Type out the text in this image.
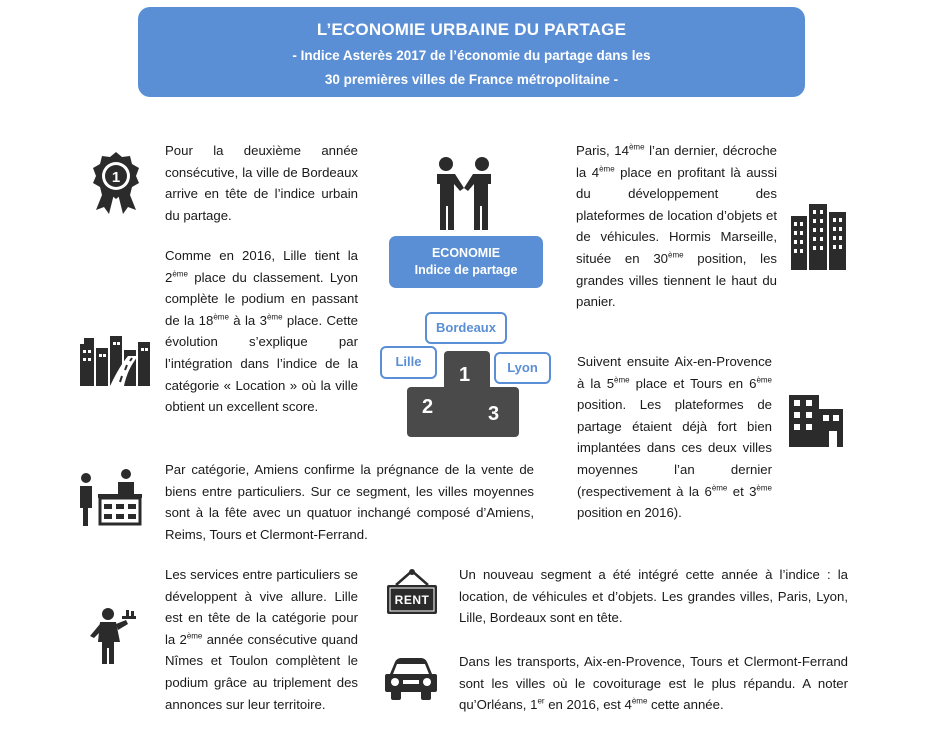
L’ECONOMIE URBAINE DU PARTAGE
- Indice Asterès 2017 de l’économie du partage dans les
30 premières villes de France métropolitaine -
1
ECONOMIE
Indice de partage
1
2	3
Bordeaux
Lille	Lyon
RENT

Pour la deuxième année consécutive, la ville de Bordeaux arrive en tête de l’indice urbain du partage.

Comme en 2016, Lille tient la 2ème place du classement. Lyon complète le podium en passant de la 18ème à la 3ème place. Cette évolution s’explique par l’intégration dans l’indice de la catégorie « Location » où la ville obtient un excellent score.

Paris, 14ème l’an dernier, décroche la 4ème place en profitant là aussi du développement des plateformes de location d’objets et de véhicules. Hormis Marseille, située en 30ème position, les grandes villes tiennent le haut du panier.

Suivent ensuite Aix-en-Provence à la 5ème place et Tours en 6ème position. Les plateformes de partage étaient déjà fort bien implantées dans ces deux villes moyennes l’an dernier (respectivement à la 6ème et 3ème position en 2016).

Par catégorie, Amiens confirme la prégnance de la vente de biens entre particuliers. Sur ce segment, les villes moyennes sont à la fête avec un quatuor inchangé composé d’Amiens, Reims, Tours et Clermont-Ferrand.

Les services entre particuliers se développent à vive allure. Lille est en tête de la catégorie pour la 2ème année consécutive quand Nîmes et Toulon complètent le podium grâce au triplement des annonces sur leur territoire.

Un nouveau segment a été intégré cette année à l’indice : la location, de véhicules et d’objets. Les grandes villes, Paris, Lyon, Lille, Bordeaux sont en tête.

Dans les transports, Aix-en-Provence, Tours et Clermont-Ferrand sont les villes où le covoiturage est le plus répandu. A noter qu’Orléans, 1er en 2016, est 4ème cette année.
